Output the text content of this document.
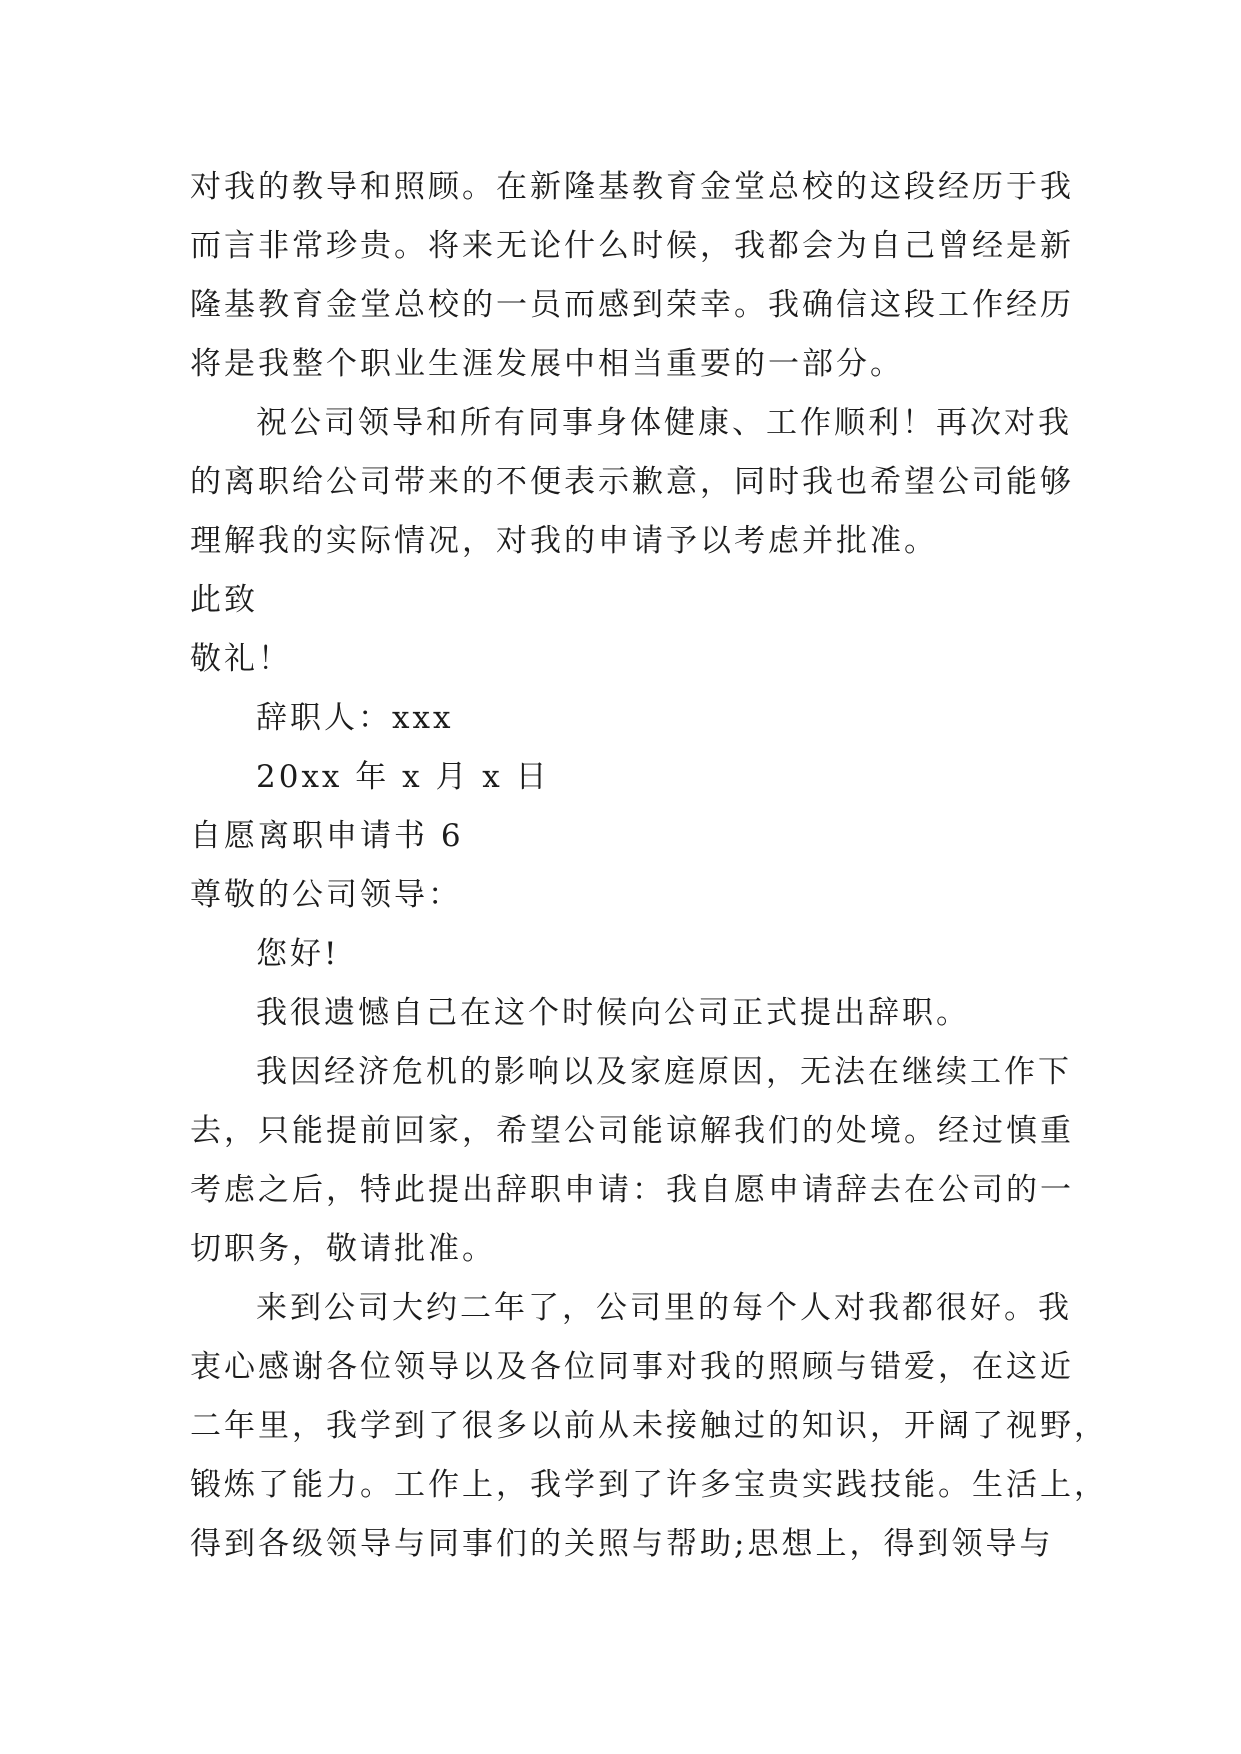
对我的教导和照顾。在新隆基教育金堂总校的这段经历于我
而言非常珍贵。将来无论什么时候，我都会为自己曾经是新
隆基教育金堂总校的一员而感到荣幸。我确信这段工作经历
将是我整个职业生涯发展中相当重要的一部分。
祝公司领导和所有同事身体健康、工作顺利！再次对我
的离职给公司带来的不便表示歉意，同时我也希望公司能够
理解我的实际情况，对我的申请予以考虑并批准。
此致
敬礼！
辞职人：xxx
20xx 年 x 月 x 日
自愿离职申请书 6
尊敬的公司领导：
您好!
我很遗憾自己在这个时候向公司正式提出辞职。
我因经济危机的影响以及家庭原因，无法在继续工作下
去，只能提前回家，希望公司能谅解我们的处境。经过慎重
考虑之后，特此提出辞职申请：我自愿申请辞去在公司的一
切职务，敬请批准。
来到公司大约二年了，公司里的每个人对我都很好。我
衷心感谢各位领导以及各位同事对我的照顾与错爱，在这近
二年里，我学到了很多以前从未接触过的知识，开阔了视野，
锻炼了能力。工作上，我学到了许多宝贵实践技能。生活上，
得到各级领导与同事们的关照与帮助;思想上，得到领导与
